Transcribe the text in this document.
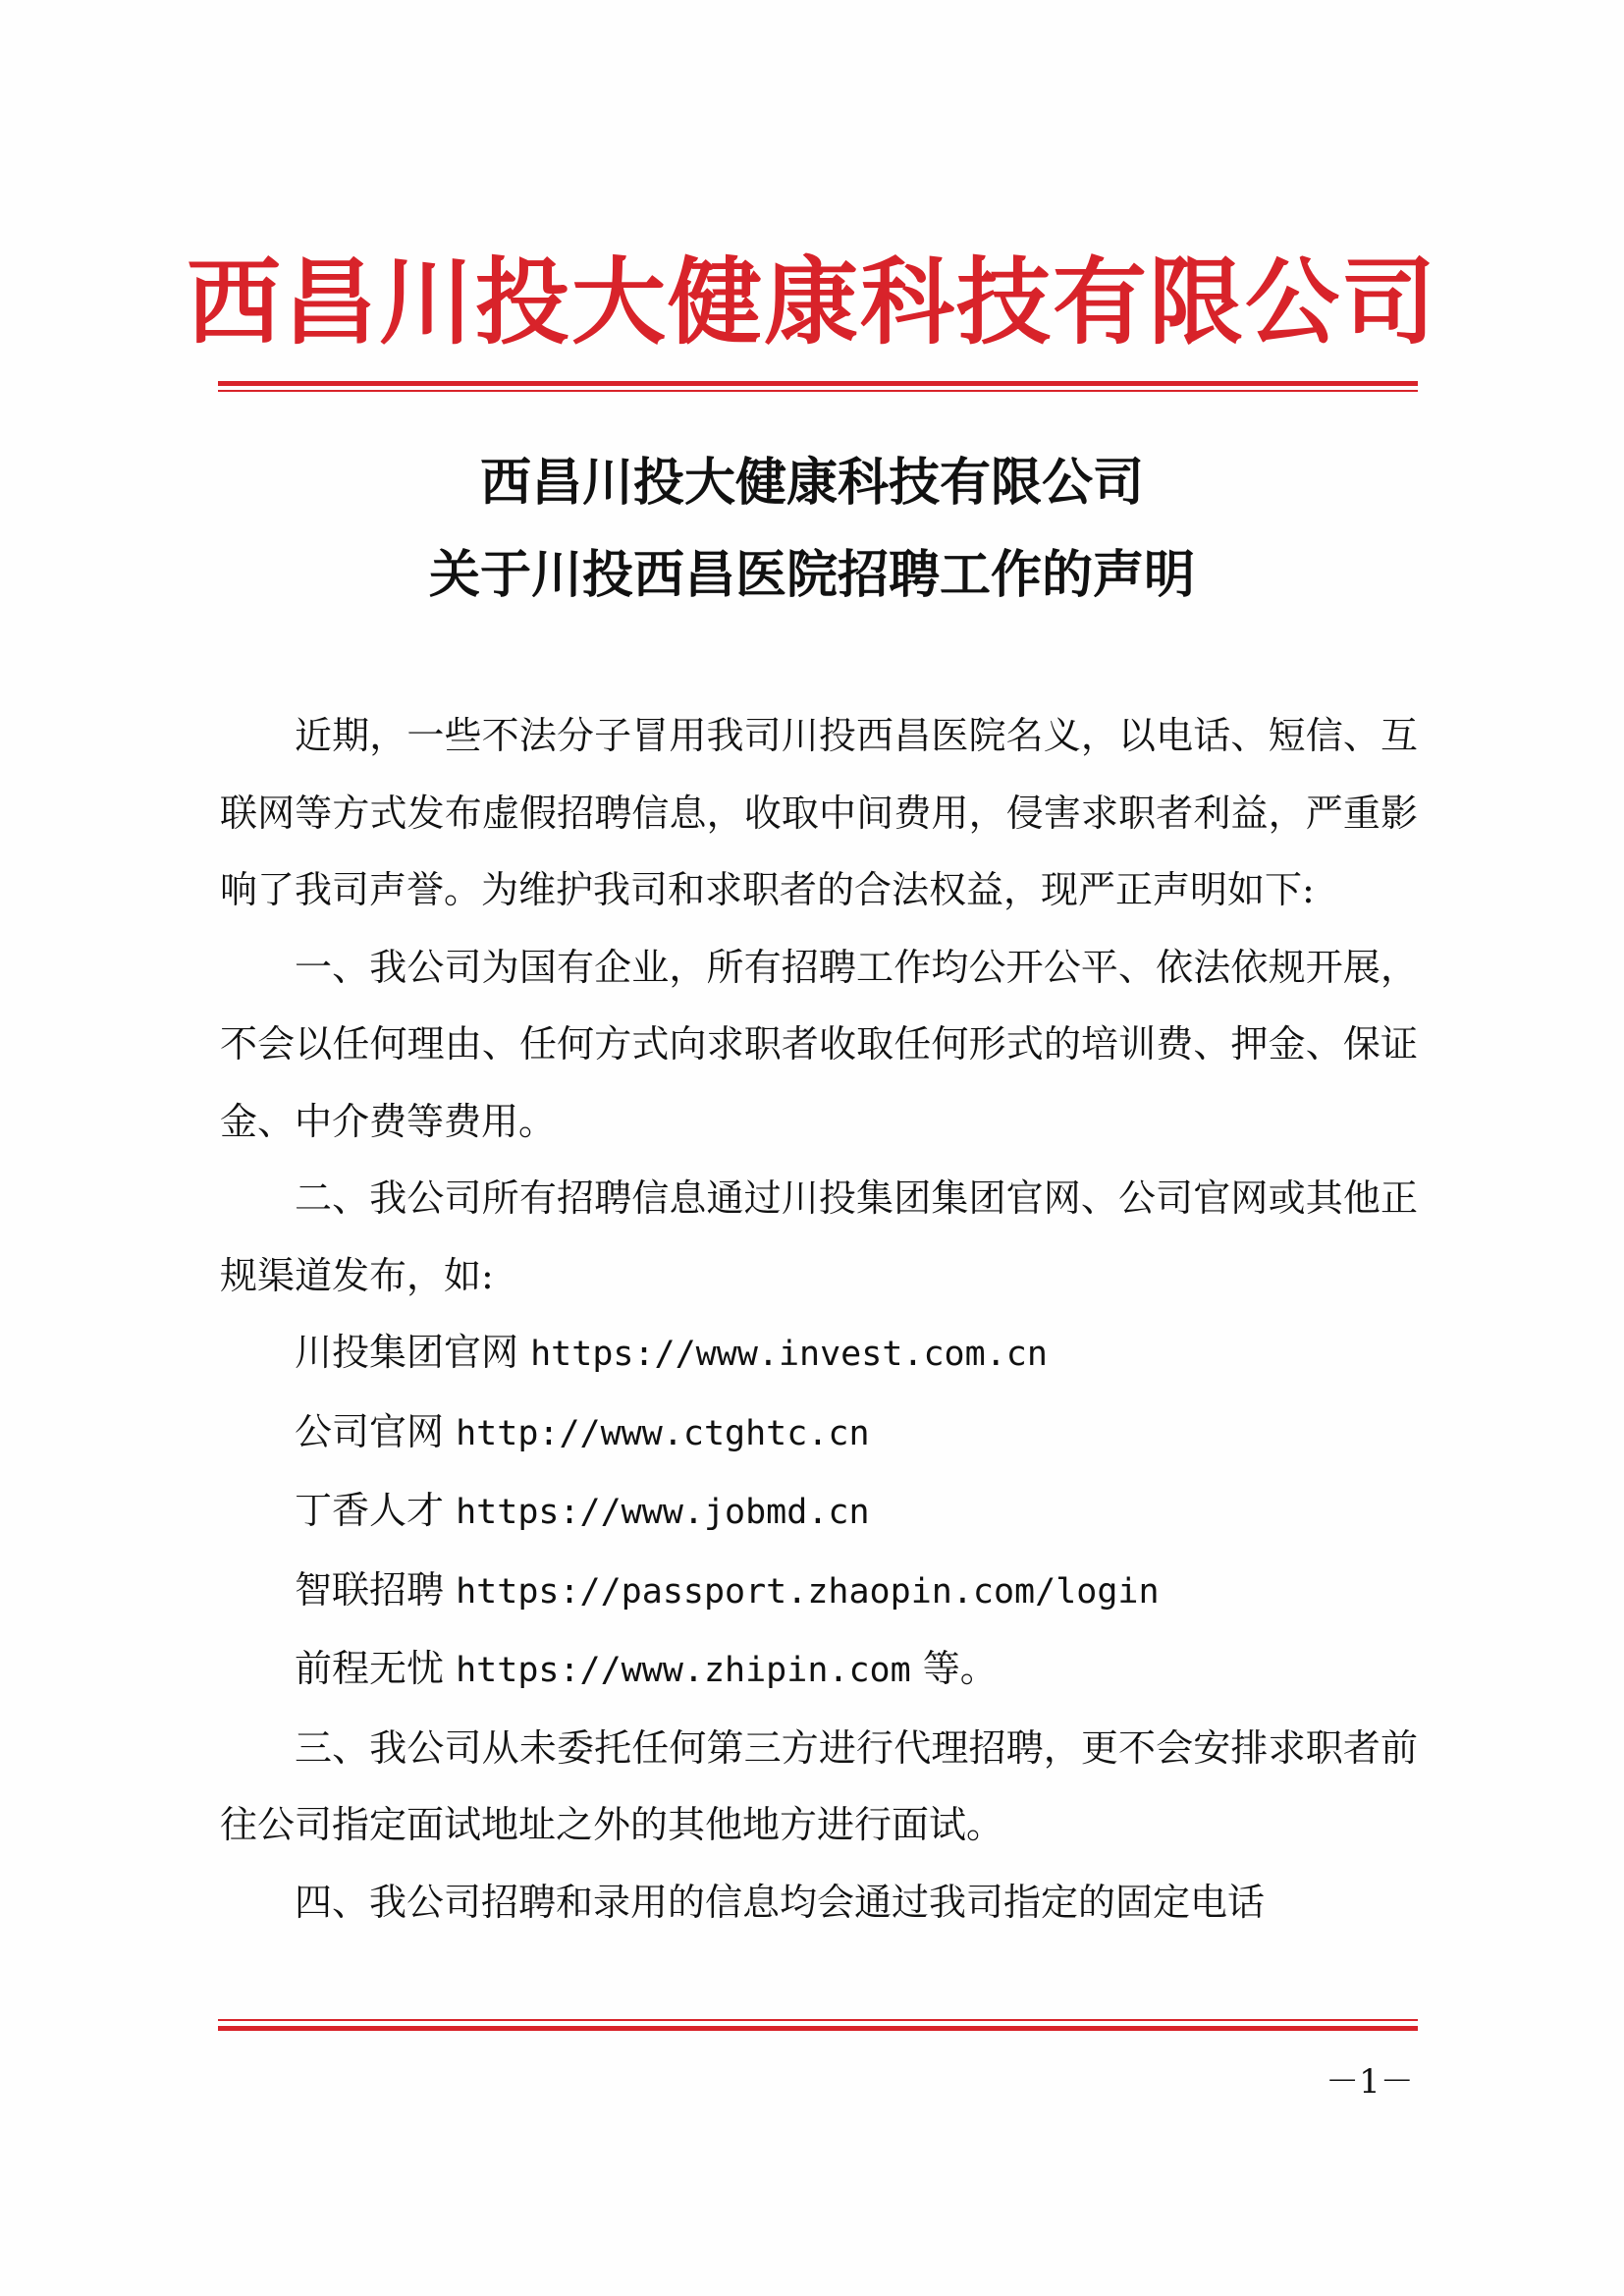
西昌川投大健康科技有限公司
西昌川投大健康科技有限公司
关于川投西昌医院招聘工作的声明

近期，一些不法分子冒用我司川投西昌医院名义，以电话、短信、互联网等方式发布虚假招聘信息，收取中间费用，侵害求职者利益，严重影响了我司声誉。为维护我司和求职者的合法权益，现严正声明如下:

一、我公司为国有企业，所有招聘工作均公开公平、依法依规开展，不会以任何理由、任何方式向求职者收取任何形式的培训费、押金、保证金、中介费等费用。

二、我公司所有招聘信息通过川投集团集团官网、公司官网或其他正规渠道发布，如:

川投集团官网 https://www.invest.com.cn

公司官网 http://www.ctghtc.cn

丁香人才 https://www.jobmd.cn

智联招聘 https://passport.zhaopin.com/login

前程无忧 https://www.zhipin.com 等。

三、我公司从未委托任何第三方进行代理招聘，更不会安排求职者前往公司指定面试地址之外的其他地方进行面试。

四、我公司招聘和录用的信息均会通过我司指定的固定电话

－1－
